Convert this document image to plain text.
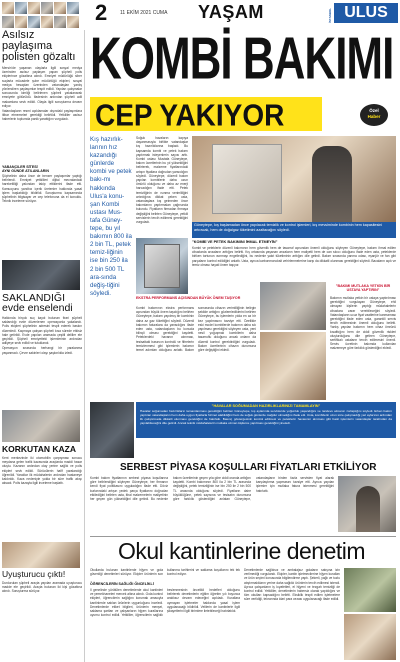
2	11 EKİM 2021 CUMA YAŞAM	İSTANBUL ULUS
Asılsız paylaşıma polisten gözaltı

Mersin'de yaşanan olaylarla ilgili sosyal medya üzerinden asılsız paylaşım yapan şüpheli polis ekiplerince gözaltına alındı. Emniyet müdürlüğü siber suçlarla mücadele şube müdürlüğü ekipleri, sosyal medya hesapları üzerinden vatandaşları yanlış yönlendiren paylaşımlar tespit edildi. Yapılan çalışmalar sonucunda kimliği belirlenen şüpheli yakalanarak emniyete götürüldü. İfadesinin ardından şüpheli adli makamlara sevk edildi. Olayla ilgili soruşturma devam ediyor.

Vatandaşların resmi açıklamalar dışındaki paylaşımlara itibar etmemeleri gerektiği belirtildi. Yetkililer asılsız haberlerin toplumda panik yarattığını vurguladı.

YABANCILER SİTESİ
AYNI GÜNDE ATILANLARIN

Şüphelinin daha önce de benzer paylaşımlar yaptığı belirlendi. Emniyet yetkilileri dijital mecralardaki hareketliliği yakından takip ettiklerini ifade etti. Kamuoyunu yanıltıcı içerik üretenler hakkında yasal işlem başlatıldığı bildirildi. Soruşturma kapsamında şüphelinin bilgisayar ve cep telefonuna da el konuldu. Teknik inceleme sürüyor.

SAKLANDIĞI evde enselendi

Hakkında birçok suç kaydı bulunan firari şüpheli saklandığı evde düzenlenen operasyonla yakalandı. Polis ekipleri şüphelinin adresini tespit ederek baskın düzenledi. Kaçmaya çalışan şüpheli kısa sürede etkisiz hale getirildi. Evde yapılan aramada çeşitli deliller ele geçirildi. Şüpheli emniyetteki işlemlerinin ardından adliyeye sevk edildi ve tutuklandı.

Operasyon sırasında herhangi bir yaralanma yaşanmadı. Çevre sakinleri olayı şaşkınlıkla izledi.

KORKUTAN KAZA

Kent merkezinde iki otomobilin çarpışması sonucu meydana gelen trafik kazasında araçlarda maddi hasar oluştu. Kazanın ardından olay yerine sağlık ve polis ekipleri sevk edildi. Sürücülerin hafif yaralandığı öğrenildi. Yaralılar ilk müdahalenin ardından hastaneye kaldırıldı. Kaza nedeniyle yolda bir süre trafik akışı aksadı. Polis kazayla ilgili inceleme başlattı.

Uyuşturucu çıktı!

Durdurulan şüpheli araçta yapılan aramada uyuşturucu madde ele geçirildi. Araçta bulunan iki kişi gözaltına alındı. Soruşturma sürüyor.

KOMBİ BAKIMI
CEP YAKIYOR	Özel
Haber
Kış hazırlık-larının hız kazandığı günlerde kombi ve petek bakı-mı hakkında Ulus'a konu-şan Kombi ustası Mus-tafa Güney-tepe, bu yıl bakımın 800 ila 2 bin TL, petek temiz-liğinin ise bin 250 ila 2 bin 500 TL ara-sında değiş-tiğini söyledi.

Soğuk havaların kapıya dayanmasıyla birlikte vatandaşlar kış hazırlıklarına başladı. Bu kapsamda kombi ve petek bakımı yaptırmak isteyenlerin sayısı arttı. Kombi ustası Mustafa Güneytepe, bakım ücretlerinin bu yıl yükseldiğini belirterek, malzeme fiyatlarındaki artışın fiyatlara doğrudan yansıdığını söyledi. Güneytepe, düzenli bakım yapılan kombilerin daha uzun ömürlü olduğunu ve daha az enerji harcadığını ifade etti. Petek temizliğinin de ısınma verimliliğini artırdığına dikkat çeken usta, vatandaşlara kış gelmeden önce bakımlarını yaptırmaları çağrısında bulundu. Fiyatların firmadan firmaya değiştiğini belirten Güneytepe, yetkili servislerin tercih edilmesi gerektiğini vurguladı.

Güneytepe, kış başlamadan önce yapılacak temizlik ve kontrol işlemleri, kış mevsiminde kombinin hem kapasitesini artıracak, hem de doğalgaz tüketimini azaltacağını söyledi.
"KOMBİ VE PETEK BAKIMINI İHMAL ETMEYİN"

Kombi ve peteklerin düzenli bakımının hem güvenlik hem de tasarruf açısından önemli olduğunu söyleyen Güneytepe, bakımı ihmal edilen cihazlarda arızaların arttığını belirtti. Kış ortasında yaşanan arızaların hem maliyetli hem de can sıkıcı olduğunu ifade eden usta, peteklerde biriken tortunun ısınmayı engellediğini, bu nedenle yakıt tüketiminin arttığını dile getirdi. Bakım sırasında yanma odası, eşanjör ve fan gibi parçaların kontrol edildiğini anlattı. Usta, ayrıca karbonmonoksit zehirlenmelerine karşı da dikkatli olunması gerektiğini söyledi. Bacaların açık ve temiz olması hayati önem taşıyor.

EKSTRA PERFORMANS AÇISINDAN BÜYÜK ÖNEM TAŞIYOR

Kombi bakımının ekstra performans açısından büyük önem taşıdığını belirten Güneytepe, bakımı yapılmış bir kombinin daha az gaz tükettiğini söyledi. Düzenli bakımın faturalara da yansıdığını ifade eden usta, vatandaşların bu konuda bilinçli olması gerektiğini kaydetti. Peteklerdeki havanın alınması, tesisattaki basıncın kontrolü ve filtrelerin temizlenmesi gibi işlemlerin bakımın temel adımları olduğunu anlattı. Bakım sonrasında cihazın verimliliğinin belirgin şekilde arttığını gözlemlediklerini belirten Güneytepe, bu işlemlerin yılda en az bir kez yapılmasını tavsiye etti. Özellikle eski model kombilerde bakımın daha sık yapılması gerektiğini söyleyen usta, yeni nesil yoğuşmalı kombilerin daha tasarruflu olduğunu ancak onların da düzenli kontrol gerektirdiğini vurguladı. Bakım ücretlerinin cihazın durumuna göre değiştiğini ekledi.

"BAKIMI MUTLAKA YETKİN BİR USTAYA YAPTIRIN"

Bakımın mutlaka yetkin bir ustaya yaptırılması gerektiğini vurgulayan Güneytepe, ehil olmayan kişilerin yaptığı müdahalelerin cihazlara zarar verebileceğini söyledi. Vatandaşların ucuz fiyat vaatlerine kanmaması gerektiğini ifade eden usta, garantili servis tercih edilmesinin önemli olduğunu belirtti. Yanlış yapılan bakımın hem cihaz ömrünü kısalttığını hem de ciddi güvenlik riskleri oluşturduğunu dile getiren Güneytepe, sertifikalı ustaların tercih edilmesini önerdi. Servis ücretinin bakımda kullanılan malzemeye göre farklılık gösterdiğini ekledi.

"HAVALAR SOĞUMADAN HAZIRLIKLARINIZI TAMAMLAYIN"

Havalar soğumadan hazırlıkların tamamlanması gerektiğini belirten Güneytepe, kış aylarında servislerde yoğunluk yaşandığını ve randevu almanın zorlaştığını söyledi. Erken bakım yaptıran vatandaşların hem daha uygun fiyatlarla hizmet alabildiğini hem de soğuk günlerde mağdur olmadığını ifade etti. Usta, kombilerin uzun süre çalışmadığı yaz aylarının ardından ilk çalıştırmada dikkatli olunması gerektiğini de hatırlattı. Basınç göstergesinin kontrol edilmesi ve peteklerin havasının alınması gibi basit işlemlerin vatandaşlar tarafından da yapılabileceğini dile getirdi. Ancak teknik müdahalelerin mutlaka uzman kişilerce yapılması gerektiğini yineledi.

SERBEST PİYASA KOŞULLARI FİYATLARI ETKİLİYOR

Kombi bakım fiyatlarının serbest piyasa koşullarına göre belirlendiğini söyleyen Güneytepe, her firmanın kendi fiyat politikasını uyguladığını ifade etti. Döviz kurlarındaki artışın yedek parça fiyatlarını doğrudan etkilediğini belirten usta, ithal malzemelerin maliyetinin her geçen gün yükseldiğini dile getirdi. Bu nedenle bakım ücretlerinin geçen yıla göre ciddi oranda arttığını kaydetti. Kombi bakımının 800 ila 2 bin TL arasında değiştiğini, petek temizliğinin ise bin 250 ile 2 bin 500 TL arasında olduğunu söyledi. Fiyatların daire büyüklüğüne, petek sayısına ve tesisatın durumuna göre farklılık gösterdiğini anlatan Güneytepe, vatandaşların birden fazla servisten fiyat alarak karşılaştırma yapmasını tavsiye etti. Ayrıca yapılan işlemler için mutlaka fatura istenmesi gerektiğini hatırlattı.

Okul kantinlerine denetim

Okullarda bulunan kantinlerde hijyen ve gıda güvenliği denetimleri sürüyor. Ekipler ürünlerin son kullanma tarihlerini ve saklama koşullarını tek tek kontrol ediyor.

ÖĞRENCİLERİN SAĞLIĞI ÖNCELİKLİ

İl genelinde yürütülen denetimlerde okul kantinleri ve yemekhaneleri mercek altına alındı. Gıda kontrol ekipleri, öğrencilerin sağlığını korumak amacıyla kantinlerde satılan ürünlerin uygunluğunu inceledi. Denetimlerde etiket bilgileri, ürünlerin menşei, saklama şartları ve çalışanların hijyen kurallarına uyumu kontrol edildi. Yetkililer, öğrencilerin sağlıklı beslenmesinin öncelikli hedefleri olduğunu belirterek denetimlerin eğitim öğretim yılı boyunca aralıksız devam edeceğini açıkladı. Kurallara uymayan işletmeler hakkında yasal işlem uygulanacağı bildirildi. Velilerin de kantinlerle ilgili şikayetlerini ilgili birimlere iletebileceği hatırlatıldı.

Denetimlerde sağlıksız ve ambalajsız gıdaların satışına izin verilmediği vurgulandı. Ekipler, kantin işletmecilerine hijyen kuralları ve ürün seçimi konusunda bilgilendirme yaptı. Şekerli, yağlı ve tuzlu atıştırmalıkların yerine daha sağlıklı ürünlerin tercih edilmesi istendi. Ayrıca çalışanların iş kıyafetleri, el hijyeni ve tezgah temizliği de kontrol edildi. Yetkililer, denetimlerin habersiz olarak yapıldığını ve tüm okulları kapsadığını belirtti. Eksiklik tespit edilen işletmelere süre verildiği, tekrarında idari para cezası uygulanacağı ifade edildi.
